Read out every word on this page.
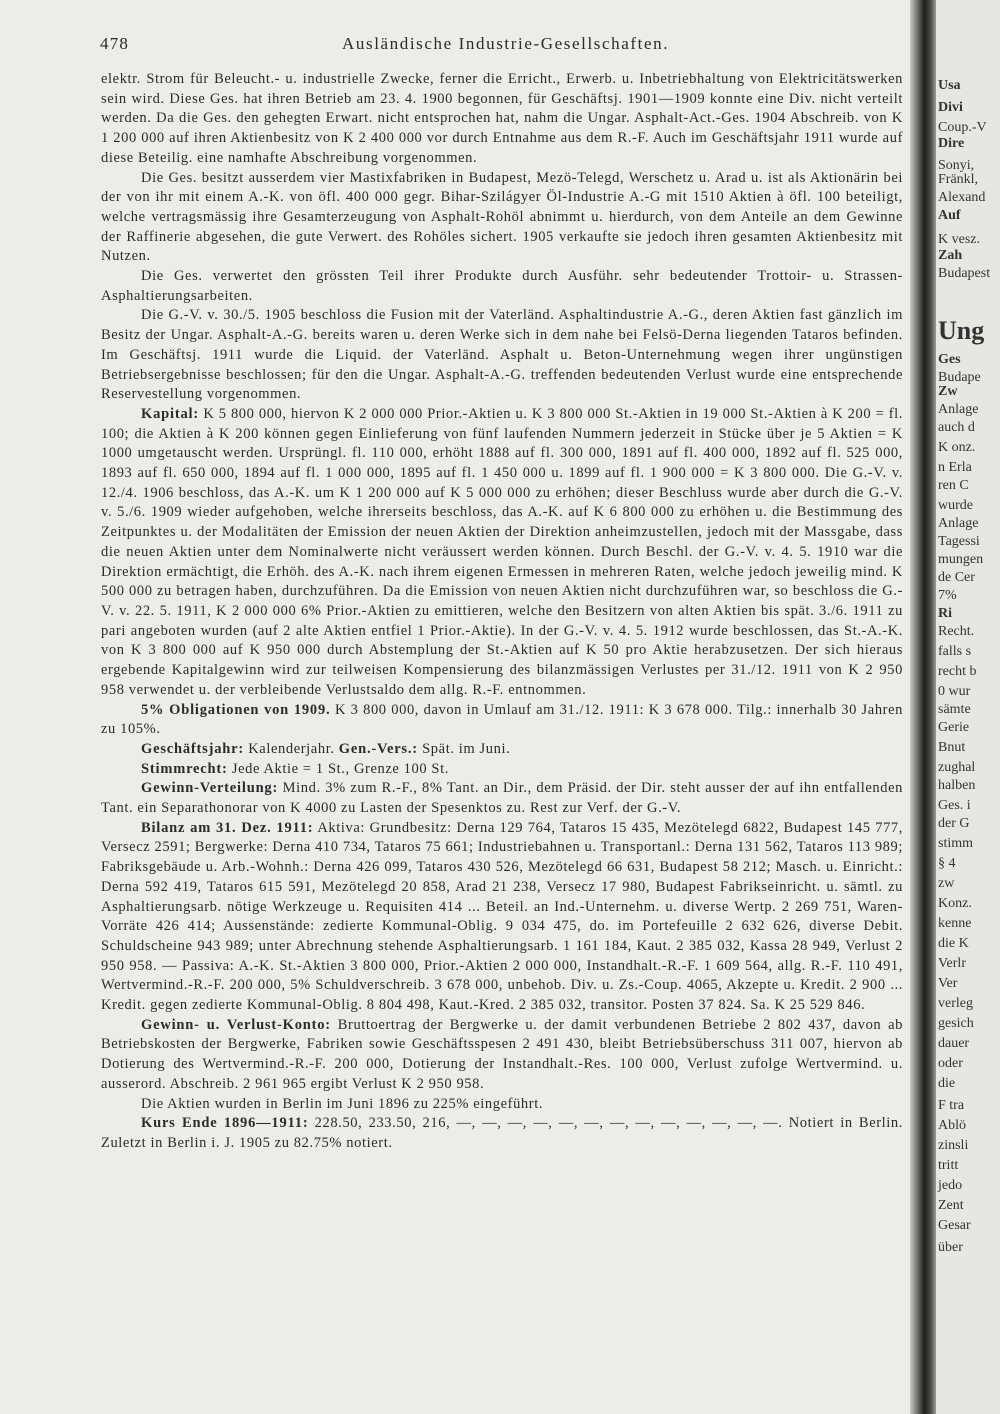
478	Ausländische Industrie-Gesellschaften.

elektr. Strom für Beleucht.- u. industrielle Zwecke, ferner die Erricht., Erwerb. u. Inbetriebhaltung von Elektricitätswerken sein wird. Diese Ges. hat ihren Betrieb am 23. 4. 1900 begonnen, für Geschäftsj. 1901—1909 konnte eine Div. nicht verteilt werden. Da die Ges. den gehegten Erwart. nicht entsprochen hat, nahm die Ungar. Asphalt-Act.-Ges. 1904 Abschreib. von K 1 200 000 auf ihren Aktienbesitz von K 2 400 000 vor durch Entnahme aus dem R.-F. Auch im Geschäftsjahr 1911 wurde auf diese Beteilig. eine namhafte Abschreibung vorgenommen.

Die Ges. besitzt ausserdem vier Mastixfabriken in Budapest, Mezö-Telegd, Werschetz u. Arad u. ist als Aktionärin bei der von ihr mit einem A.-K. von öfl. 400 000 gegr. Bihar-Szilágyer Öl-Industrie A.-G mit 1510 Aktien à öfl. 100 beteiligt, welche vertragsmässig ihre Gesamterzeugung von Asphalt-Rohöl abnimmt u. hierdurch, von dem Anteile an dem Gewinne der Raffinerie abgesehen, die gute Verwert. des Rohöles sichert. 1905 verkaufte sie jedoch ihren gesamten Aktienbesitz mit Nutzen.

Die Ges. verwertet den grössten Teil ihrer Produkte durch Ausführ. sehr bedeutender Trottoir- u. Strassen-Asphaltierungsarbeiten.

Die G.-V. v. 30./5. 1905 beschloss die Fusion mit der Vaterländ. Asphaltindustrie A.-G., deren Aktien fast gänzlich im Besitz der Ungar. Asphalt-A.-G. bereits waren u. deren Werke sich in dem nahe bei Felsö-Derna liegenden Tataros befinden. Im Geschäftsj. 1911 wurde die Liquid. der Vaterländ. Asphalt u. Beton-Unternehmung wegen ihrer ungünstigen Betriebsergebnisse beschlossen; für den die Ungar. Asphalt-A.-G. treffenden bedeutenden Verlust wurde eine entsprechende Reservestellung vorgenommen.

Kapital: K 5 800 000, hiervon K 2 000 000 Prior.-Aktien u. K 3 800 000 St.-Aktien in 19 000 St.-Aktien à K 200 = fl. 100; die Aktien à K 200 können gegen Einlieferung von fünf laufenden Nummern jederzeit in Stücke über je 5 Aktien = K 1000 umgetauscht werden. Ursprüngl. fl. 110 000, erhöht 1888 auf fl. 300 000, 1891 auf fl. 400 000, 1892 auf fl. 525 000, 1893 auf fl. 650 000, 1894 auf fl. 1 000 000, 1895 auf fl. 1 450 000 u. 1899 auf fl. 1 900 000 = K 3 800 000. Die G.-V. v. 12./4. 1906 beschloss, das A.-K. um K 1 200 000 auf K 5 000 000 zu erhöhen; dieser Beschluss wurde aber durch die G.-V. v. 5./6. 1909 wieder aufgehoben, welche ihrerseits beschloss, das A.-K. auf K 6 800 000 zu erhöhen u. die Bestimmung des Zeitpunktes u. der Modalitäten der Emission der neuen Aktien der Direktion anheimzustellen, jedoch mit der Massgabe, dass die neuen Aktien unter dem Nominalwerte nicht veräussert werden können. Durch Beschl. der G.-V. v. 4. 5. 1910 war die Direktion ermächtigt, die Erhöh. des A.-K. nach ihrem eigenen Ermessen in mehreren Raten, welche jedoch jeweilig mind. K 500 000 zu betragen haben, durchzuführen. Da die Emission von neuen Aktien nicht durchzuführen war, so beschloss die G.-V. v. 22. 5. 1911, K 2 000 000 6% Prior.-Aktien zu emittieren, welche den Besitzern von alten Aktien bis spät. 3./6. 1911 zu pari angeboten wurden (auf 2 alte Aktien entfiel 1 Prior.-Aktie). In der G.-V. v. 4. 5. 1912 wurde beschlossen, das St.-A.-K. von K 3 800 000 auf K 950 000 durch Abstemplung der St.-Aktien auf K 50 pro Aktie herabzusetzen. Der sich hieraus ergebende Kapitalgewinn wird zur teilweisen Kompensierung des bilanzmässigen Verlustes per 31./12. 1911 von K 2 950 958 verwendet u. der verbleibende Verlustsaldo dem allg. R.-F. entnommen.

5% Obligationen von 1909. K 3 800 000, davon in Umlauf am 31./12. 1911: K 3 678 000. Tilg.: innerhalb 30 Jahren zu 105%.

Geschäftsjahr: Kalenderjahr. Gen.-Vers.: Spät. im Juni.

Stimmrecht: Jede Aktie = 1 St., Grenze 100 St.

Gewinn-Verteilung: Mind. 3% zum R.-F., 8% Tant. an Dir., dem Präsid. der Dir. steht ausser der auf ihn entfallenden Tant. ein Separathonorar von K 4000 zu Lasten der Spesenktos zu. Rest zur Verf. der G.-V.

Bilanz am 31. Dez. 1911: Aktiva: Grundbesitz: Derna 129 764, Tataros 15 435, Mezötelegd 6822, Budapest 145 777, Versecz 2591; Bergwerke: Derna 410 734, Tataros 75 661; Industriebahnen u. Transportanl.: Derna 131 562, Tataros 113 989; Fabriksgebäude u. Arb.-Wohnh.: Derna 426 099, Tataros 430 526, Mezötelegd 66 631, Budapest 58 212; Masch. u. Einricht.: Derna 592 419, Tataros 615 591, Mezötelegd 20 858, Arad 21 238, Versecz 17 980, Budapest Fabrikseinricht. u. sämtl. zu Asphaltierungsarb. nötige Werkzeuge u. Requisiten 414 ... Beteil. an Ind.-Unternehm. u. diverse Wertp. 2 269 751, Waren-Vorräte 426 414; Aussenstände: zedierte Kommunal-Oblig. 9 034 475, do. im Portefeuille 2 632 626, diverse Debit. Schuldscheine 943 989; unter Abrechnung stehende Asphaltierungsarb. 1 161 184, Kaut. 2 385 032, Kassa 28 949, Verlust 2 950 958. — Passiva: A.-K. St.-Aktien 3 800 000, Prior.-Aktien 2 000 000, Instandhalt.-R.-F. 1 609 564, allg. R.-F. 110 491, Wertvermind.-R.-F. 200 000, 5% Schuldverschreib. 3 678 000, unbehob. Div. u. Zs.-Coup. 4065, Akzepte u. Kredit. 2 900 ... Kredit. gegen zedierte Kommunal-Oblig. 8 804 498, Kaut.-Kred. 2 385 032, transitor. Posten 37 824. Sa. K 25 529 846.

Gewinn- u. Verlust-Konto: Bruttoertrag der Bergwerke u. der damit verbundenen Betriebe 2 802 437, davon ab Betriebskosten der Bergwerke, Fabriken sowie Geschäftsspesen 2 491 430, bleibt Betriebsüberschuss 311 007, hiervon ab Dotierung des Wertvermind.-R.-F. 200 000, Dotierung der Instandhalt.-Res. 100 000, Verlust zufolge Wertvermind. u. ausserord. Abschreib. 2 961 965 ergibt Verlust K 2 950 958.

Die Aktien wurden in Berlin im Juni 1896 zu 225% eingeführt.

Kurs Ende 1896—1911: 228.50, 233.50, 216, —, —, —, —, —, —, —, —, —, —, —, —, —. Notiert in Berlin. Zuletzt in Berlin i. J. 1905 zu 82.75% notiert.

Usa
Divi
Coup.-V
Dire
Sonyi,
Fränkl,
Alexand
Auf
K vesz.
Zah
Budapest
Ung
Ges
Budape
Zw
Anlage
auch d
K onz.
n Erla
ren C
wurde
Anlage
Tagessi
mungen
de Cer
7%
Ri
Recht.
falls s
recht b
0 wur
sämte
Gerie
Bnut
zughal
halben
Ges. i
der G
stimm
§ 4
zw
Konz.
kenne
die K
Verlr
Ver
verleg
gesich
dauer
oder
die
F tra
Ablö
zinsli
tritt
jedo
Zent
Gesar
über
